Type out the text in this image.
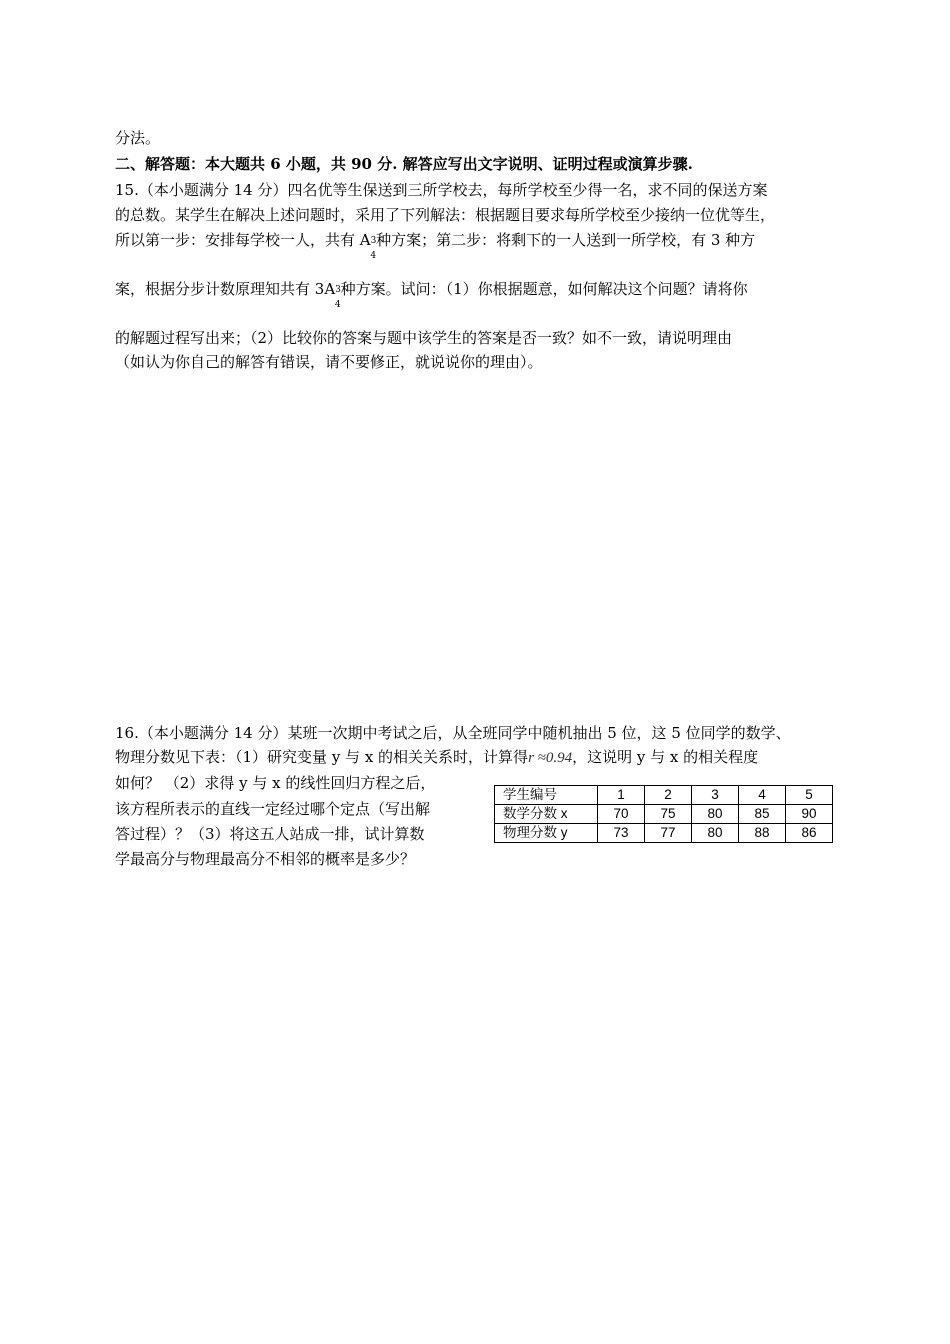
分法。
二、解答题：本大题共 6 小题，共 90 分. 解答应写出文字说明、证明过程或演算步骤.
15.（本小题满分 14 分）四名优等生保送到三所学校去，每所学校至少得一名，求不同的保送方案
的总数。某学生在解决上述问题时，采用了下列解法：根据题目要求每所学校至少接纳一位优等生，
所以第一步：安排每学校一人，共有 $A3_4$种方案；第二步：将剩下的一人送到一所学校，有 3 种方
案，根据分步计数原理知共有 $3A3_4$种方案。试问：（1）你根据题意，如何解决这个问题？请将你
的解题过程写出来；（2）比较你的答案与题中该学生的答案是否一致？如不一致，请说明理由
（如认为你自己的解答有错误，请不要修正，就说说你的理由）。
16.（本小题满分 14 分）某班一次期中考试之后，从全班同学中随机抽出 5 位，这 5 位同学的数学、
物理分数见下表：（1）研究变量 y 与 x 的相关关系时，计算得r ≈0.94，这说明 y 与 x 的相关程度
如何？ （2）求得 y 与 x 的线性回归方程之后，
该方程所表示的直线一定经过哪个定点（写出解
答过程）？（3）将这五人站成一排，试计算数
学最高分与物理最高分不相邻的概率是多少？
学生编号	1	2	3	4	5
数学分数 x	70	75	80	85	90
物理分数 y	73	77	80	88	86
